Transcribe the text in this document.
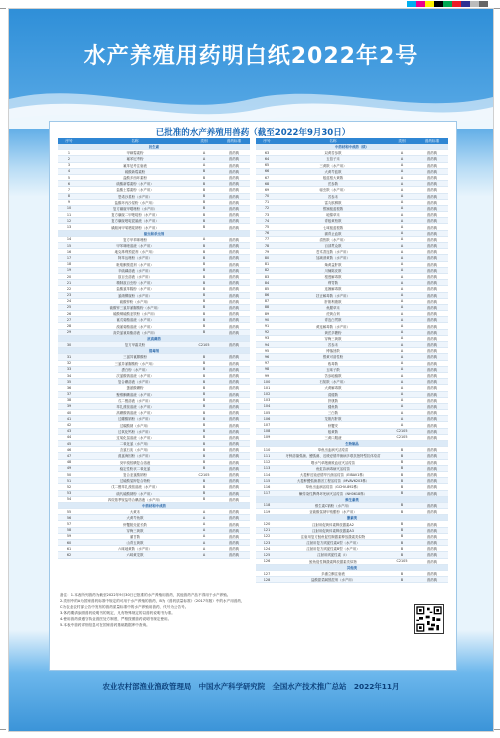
水产养殖用药明白纸2022年2号
已批准的水产养殖用兽药（截至2022年9月30日）
序号	名称	类别	兽药标准
抗生素			
1	甲砜霉素粉	A	兽药典
2	氟苯尼考粉	A	兽药典
3	氟苯尼考注射液	A	兽药典
4	硫酸新霉素粉	B	兽药典
5	盐酸多西环素粉	B	兽药典
6	硫酸新霉素粉（水产用）	B	兽药典
7	盐酸土霉素粉（水产用）	B	兽药典
8	恩诺沙星粉（水产用）	B	兽药典
9	盐酸环丙沙星粉（水产用）	B	兽药典
10	复方磺胺甲噁唑粉（水产用）	B	兽药典
11	复方磺胺二甲嘧啶粉（水产用）	B	兽药典
12	复方磺胺嘧啶混悬液（水产用）	B	兽药典
13	磺胺间甲氧嘧啶钠粉（水产用）	B	兽药典
驱虫和杀虫剂			
14	复方甲苯咪唑粉	A	兽药典
15	甲苯咪唑溶液（水产用）	B	兽药典
16	地克珠利预混剂（水产用）	B	兽药典
17	阿苯达唑粉（水产用）	B	兽药典
18	吡喹酮预混剂（水产用）	B	兽药典
19	辛硫磷溶液（水产用）	B	兽药典
20	敌百虫溶液（水产用）	B	兽药典
21	精制敌百虫粉（水产用）	B	兽药典
22	盐酸氯苯胍粉（水产用）	B	兽药典
23	氯硝柳胺粉（水产用）	B	兽药典
24	硫酸锌粉（水产用）	B	兽药典
25	硫酸锌三氯异氰脲酸粉（水产用）	B	兽药典
26	硫酸铜硫酸亚铁粉（水产用）	B	兽药典
27	氰戊菊酯溶液（水产用）	B	兽药典
28	溴氰菊酯溶液（水产用）	B	兽药典
29	高效氯氰菊酯溶液（水产用）	B	兽药典
抗真菌药			
30	复方甲霜灵粉	C2105	兽药典
消毒剂			
31	三氯异氰脲酸粉	B	兽药典
32	三氯异氰脲酸粉（水产用）	B	兽药典
33	漂白粉（水产用）	B	兽药典
34	次氯酸钠溶液（水产用）	B	兽药典
35	复合碘溶液（水产用）	B	兽药典
36	蛋氨酸碘粉	B	兽药典
37	聚维酮碘溶液（水产用）	B	兽药典
38	戊二醛溶液（水产用）	B	兽药典
39	苯扎溴铵溶液（水产用）	B	兽药典
40	高碘酸钠溶液（水产用）	B	兽药典
41	过硼酸钠粉（水产用）	B	兽药典
42	过碳酸钠（水产用）	B	兽药典
43	过氧化钙粉（水产用）	B	兽药典
44	过氧化氢溶液（水产用）	B	兽药典
45	二氧化氯（水产用）	B	兽药典
46	含氯石灰（水产用）	B	兽药典
47	溴氯海因粉（水产用）	B	兽药典
48	癸甲溴铵碘复合溶液	B	兽药典
49	稳定性粉状二氧化氯	B	兽药典
50	复合亚氯酸钠粉	C2105	兽药典
51	过硫酸氢钾复合物粉	B	兽药典
52	戊二醛苯扎溴铵溶液（水产用）	B	兽药典
53	硫代硫酸钠粉（水产用）	B	兽药典
54	四烷基季铵盐络合碘溶液（水产用）	B	兽药典
中药材和中成药			
55	大黄末	A	兽药典
56	大黄芩鱼散	A	兽药典
57	虾蟹脱壳促长散	A	兽药典
58	穿梅三黄散	A	兽药典
59	蒲甘散	A	兽药典
60	山青五黄散	A	兽药典
61	六味地黄散（水产用）	A	兽药典
62	六味黄龙散	A	兽药典
序号	名称	类别	兽药标准
中药材和中成药（续）			
63	双黄苦参散	A	兽药典
64	五倍子末	A	兽药典
65	三黄散（水产用）	A	兽药典
66	大黄芩蓝散	A	兽药典
67	板蓝根大黄散	A	兽药典
68	芪参散	A	兽药典
69	驱虫散（水产用）	A	兽药典
70	苦参末	A	兽药典
71	雷丸槟榔散	A	兽药典
72	银翘板蓝根散	A	兽药典
73	地锦草末	A	兽药典
74	青板黄柏散	A	兽药典
75	七味板蓝根散	A	兽药典
76	蒲青止血散	A	兽药典
77	清热散（水产用）	A	兽药典
78	百部贯众散	A	兽药典
79	苍术香连散（水产用）	A	兽药典
80	加减消黄散（水产用）	A	兽药典
81	柴黄益肝散	A	兽药典
82	川楝陈皮散	A	兽药典
83	根莲解毒散	A	兽药典
84	利胃散	A	兽药典
85	连翘解毒散	A	兽药典
86	扶正解毒散（水产用）	A	兽药典
87	肝胆利康散	A	兽药典
88	鱼腥草末	A	兽药典
89	虎黄合剂	A	兽药典
90	青连白贯散	A	兽药典
91	黄连解毒散（水产用）	A	兽药典
92	黄芪多糖粉	A	兽药典
93	穿梅三黄散	A	兽药典
94	苦参末	A	兽药典
95	博落回散	A	兽药典
96	银黄可溶性粉	A	兽药典
97	败毒散	A	兽药典
98	五味子散	A	兽药典
99	苦参地榆散	A	兽药典
100	石知散（水产用）	A	兽药典
101	大黄解毒散	A	兽药典
102	清健散	A	兽药典
103	肝康散	A	兽药典
104	健鱼散	A	兽药典
105	三白散	A	兽药典
106	龙胆泻肝散	A	兽药典
107	虾蟹安	A	兽药典
108	板黄散	C2105	兽药典
109	三黄口服液	C2105	兽药典
生物制品			
110	草鱼出血病灭活疫苗	B	兽药典
111	牙鲆溶藻弧菌、鳗弧菌、迟缓爱德华菌病多联抗独特型抗体疫苗	B	兽药典
112	嗜水气单胞菌败血症灭活疫苗	B	兽药典
113	鱼虹彩病毒病灭活疫苗	B	兽药典
114	大菱鲆迟钝爱德华氏菌活疫苗（EIBAV1株）	B	兽药典
115	大菱鲆鳗弧菌基因工程活疫苗（MVAV6203株）	B	兽药典
116	草鱼出血病活疫苗（GCHV-892株）	B	兽药典
117	鳜传染性脾肾坏死病灭活疫苗（NH0618株）	B	兽药典
维生素类			
118	维生素C钠粉（水产用）	B	兽药典
119	亚硫酸氢钠甲萘醌粉（水产用）	B	兽药典
激素类			
120	注射用促黄体素释放激素A2	B	兽药典
121	注射用促黄体素释放激素A3	B	兽药典
122	注射用复方鲑鱼促性腺激素释放激素类似物	B	兽药典
123	注射用复方绒促性素A型（水产用）	B	兽药典
124	注射用复方绒促性素B型（水产用）	B	兽药典
125	注射用绒促性素（Ⅰ）	B	兽药典
126	鲑鱼促性腺激素释放激素类似物	C2105	兽药典
其他类			
127	多潘立酮注射液	B	兽药典
128	盐酸甜菜碱预混剂（水产用）	B	兽药典
备注：1.本表所列兽药为截至2022年9月30日已批准的水产养殖用兽药，其他兽药产品不得用于水产养殖。
2.类别中的A为国家兽药标准中规定的可用于水产养殖的兽药，B为《兽药质量标准》（2017年版）中的水产用兽药，
C为农业农村部公告中发布的兽药质量标准中的水产养殖用兽药，代号为公告号。
3.休药期请参照兽药说明书的规定，凡有特殊规定的以兽药说明书为准。
4.使用兽药请遵守执业兽医处方制度，严格按照兽药说明书规定使用。
5.本表中兽药详细信息可在国家兽药基础数据库中查询。
农业农村部渔业渔政管理局　中国水产科学研究院　全国水产技术推广总站　2022年11月
